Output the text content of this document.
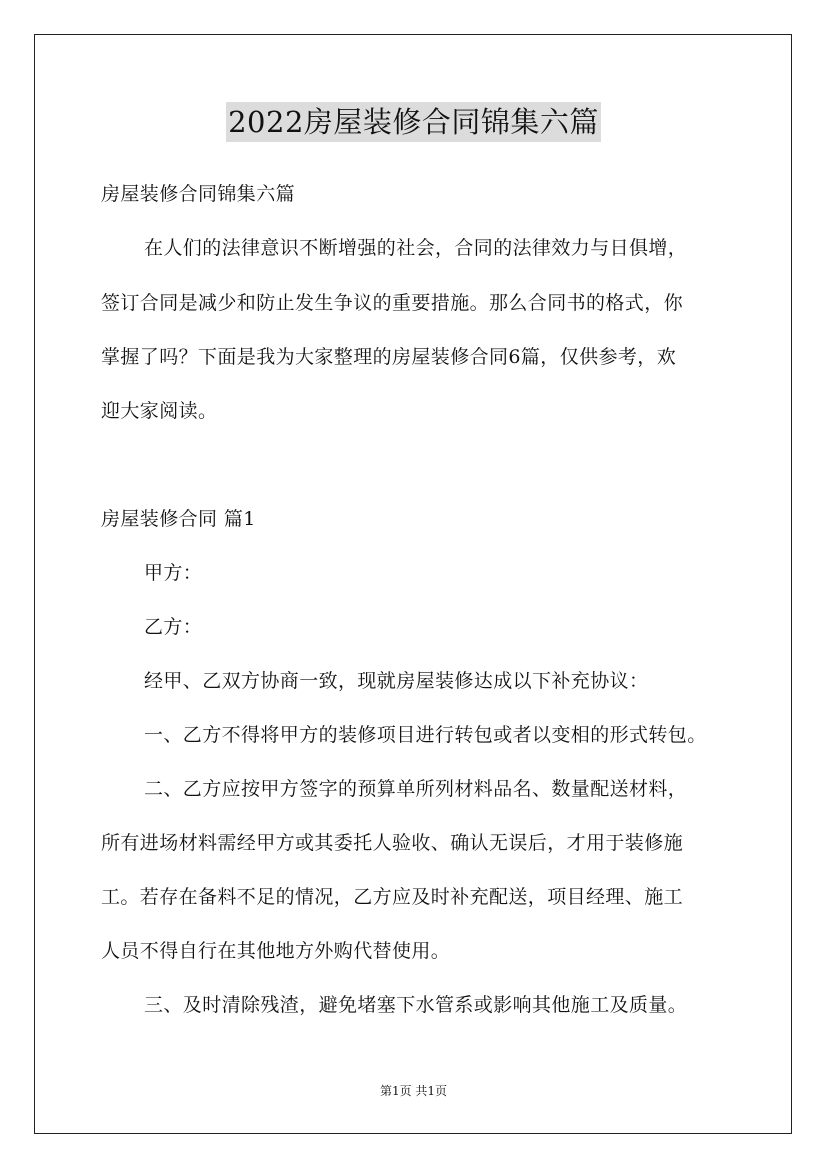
2022房屋装修合同锦集六篇
房屋装修合同锦集六篇
在人们的法律意识不断增强的社会，合同的法律效力与日俱增，
签订合同是减少和防止发生争议的重要措施。那么合同书的格式，你
掌握了吗？下面是我为大家整理的房屋装修合同6篇，仅供参考，欢
迎大家阅读。
房屋装修合同 篇1
甲方：
乙方：
经甲、乙双方协商一致，现就房屋装修达成以下补充协议：
一、乙方不得将甲方的装修项目进行转包或者以变相的形式转包。
二、乙方应按甲方签字的预算单所列材料品名、数量配送材料，
所有进场材料需经甲方或其委托人验收、确认无误后，才用于装修施
工。若存在备料不足的情况，乙方应及时补充配送，项目经理、施工
人员不得自行在其他地方外购代替使用。
三、及时清除残渣，避免堵塞下水管系或影响其他施工及质量。
第1页 共1页
